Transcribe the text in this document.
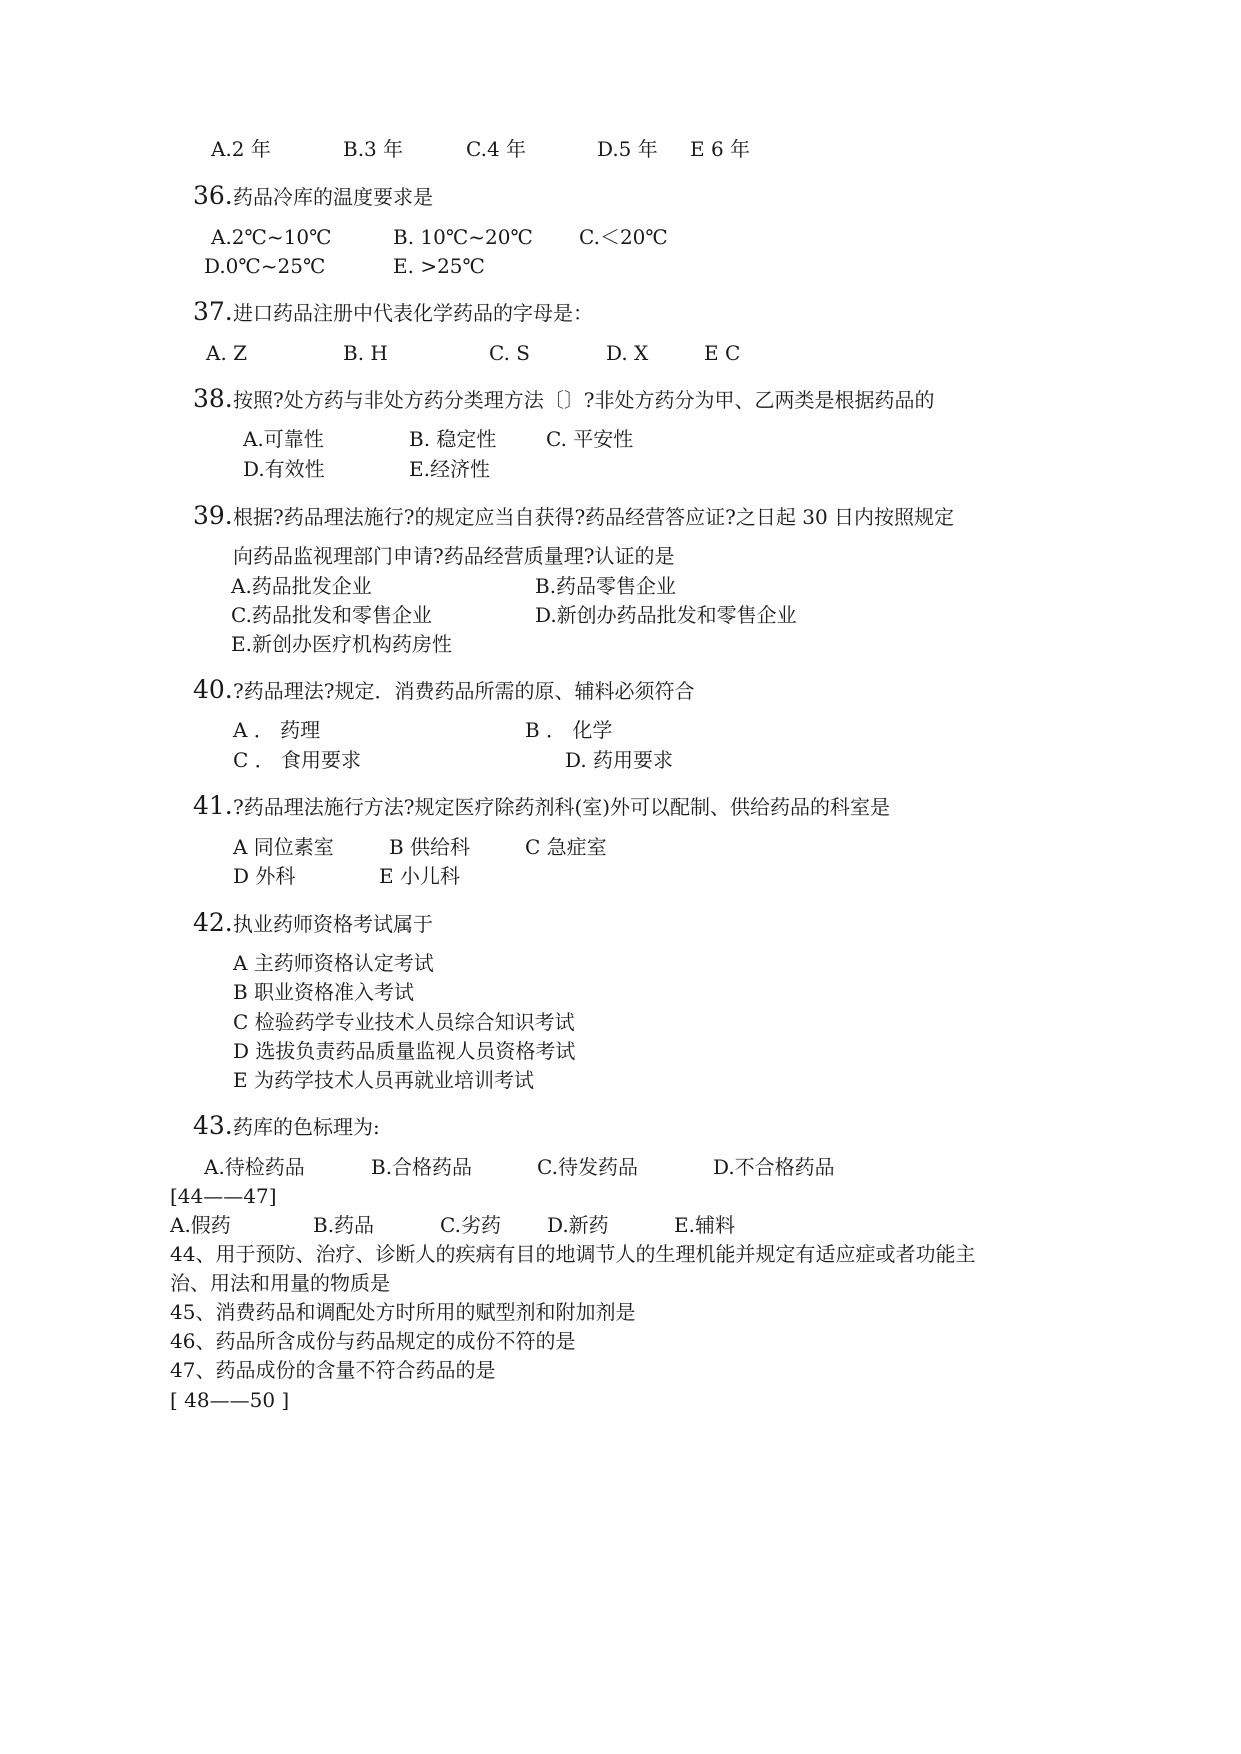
A.2 年	B.3 年	C.4 年	D.5 年 E 6 年
36. 药品冷库的温度要求是
A.2℃~10℃	B. 10℃~20℃ C.＜20℃
D.0℃~25℃	E. >25℃
37. 进口药品注册中代表化学药品的字母是：
A. Z	B. H	C. S	D. X	E C
38. 按照?处方药与非处方药分类理方法〔〕?非处方药分为甲、乙两类是根据药品的
A.可靠性	B. 稳定性 C. 平安性
D.有效性	E.经济性
39. 根据?药品理法施行?的规定应当自获得?药品经营答应证?之日起 30 日内按照规定
向药品监视理部门申请?药品经营质量理?认证的是
A.药品批发企业	B.药品零售企业
C.药品批发和零售企业	D.新创办药品批发和零售企业
E.新创办医疗机构药房性
40. ?药品理法?规定．消费药品所需的原、辅料必须符合
A ． 药理	B ． 化学
C ． 食用要求	D. 药用要求
41. ?药品理法施行方法?规定医疗除药剂科(室)外可以配制、供给药品的科室是
A 同位素室	B 供给科	C 急症室
D 外科	E 小儿科
42. 执业药师资格考试属于
A 主药师资格认定考试
B 职业资格准入考试
C 检验药学专业技术人员综合知识考试
D 选拔负责药品质量监视人员资格考试
E 为药学技术人员再就业培训考试
43. 药库的色标理为:
A.待检药品	B.合格药品	C.待发药品	D.不合格药品
[44——47]
A.假药	B.药品	C.劣药 D.新药	E.辅料
44、用于预防、治疗、诊断人的疾病有目的地调节人的生理机能并规定有适应症或者功能主
治、用法和用量的物质是
45、消费药品和调配处方时所用的赋型剂和附加剂是
46、药品所含成份与药品规定的成份不符的是
47、药品成份的含量不符合药品的是
[ 48——50 ]
